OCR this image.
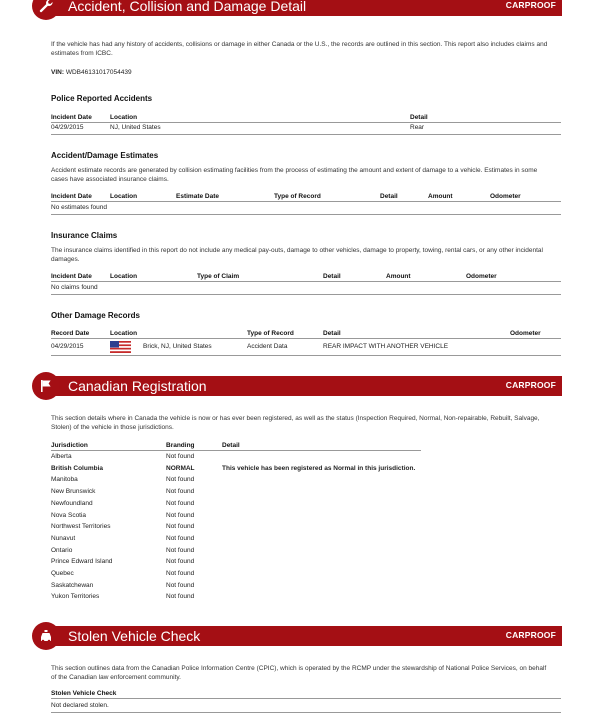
Accident, Collision and Damage Detail	CARPROOF
If the vehicle has had any history of accidents, collisions or damage in either Canada or the U.S., the records are outlined in this section. This report also includes claims and estimates from ICBC.
VIN: WDB46131017054439
Police Reported Accidents
Incident Date	Location	Detail
04/29/2015	NJ, United States	Rear
Accident/Damage Estimates
Accident estimate records are generated by collision estimating facilities from the process of estimating the amount and extent of damage to a vehicle. Estimates in some cases have associated insurance claims.
Incident Date	Location	Estimate Date	Type of Record	Detail	Amount	Odometer
No estimates found
Insurance Claims
The insurance claims identified in this report do not include any medical pay-outs, damage to other vehicles, damage to property, towing, rental cars, or any other incidental damages.
Incident Date	Location	Type of Claim	Detail	Amount	Odometer
No claims found
Other Damage Records
Record Date	Location	Type of Record	Detail	Odometer
04/29/2015	Brick, NJ, United States	Accident Data	REAR IMPACT WITH ANOTHER VEHICLE
Canadian Registration	CARPROOF
This section details where in Canada the vehicle is now or has ever been registered, as well as the status (Inspection Required, Normal, Non-repairable, Rebuilt, Salvage, Stolen) of the vehicle in those jurisdictions.
Jurisdiction	Branding	Detail
Alberta	Not found
British Columbia	NORMAL	This vehicle has been registered as Normal in this jurisdiction.
Manitoba	Not found
New Brunswick	Not found
Newfoundland	Not found
Nova Scotia	Not found
Northwest Territories	Not found
Nunavut	Not found
Ontario	Not found
Prince Edward Island	Not found
Quebec	Not found
Saskatchewan	Not found
Yukon Territories	Not found
Stolen Vehicle Check	CARPROOF
This section outlines data from the Canadian Police Information Centre (CPIC), which is operated by the RCMP under the stewardship of National Police Services, on behalf of the Canadian law enforcement community.
Stolen Vehicle Check
Not declared stolen.
